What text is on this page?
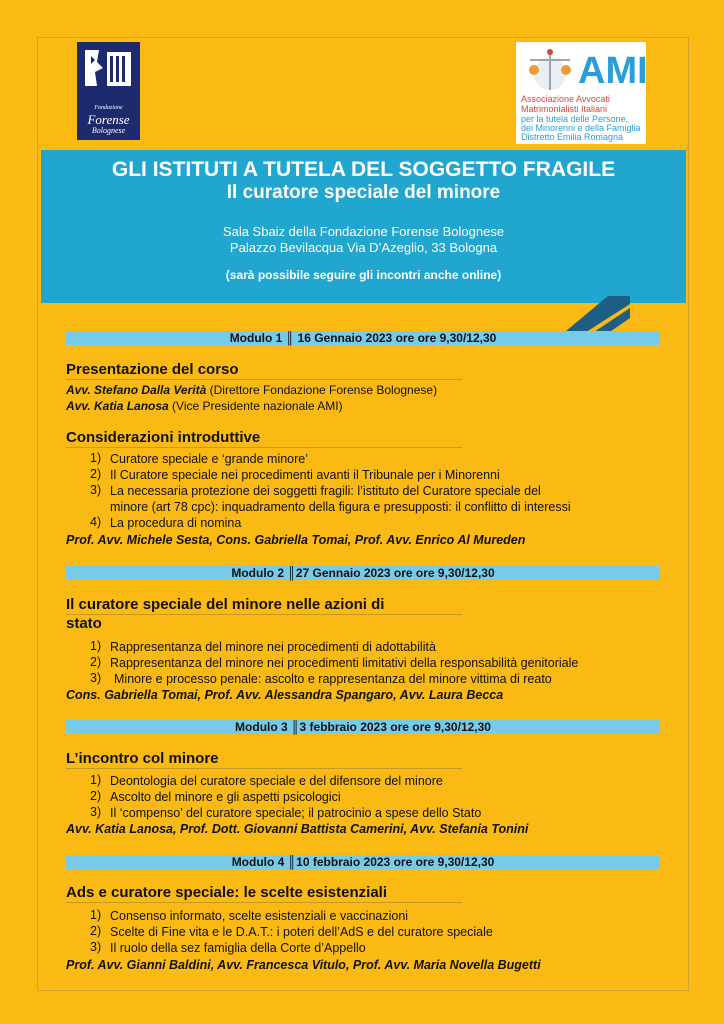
Fondazione
Forense
Bolognese
AMI
Associazione Avvocati
Matrimonialisti Italiani
per la tutela delle Persone,
dei Minorenni e della Famiglia
Distretto Emilia Romagna
GLI ISTITUTI A TUTELA DEL SOGGETTO FRAGILE
Il curatore speciale del minore
Sala Sbaiz della Fondazione Forense Bolognese
Palazzo Bevilacqua Via D’Azeglio, 33 Bologna
(sarà possibile seguire gli incontri anche online)
Modulo 1 ║ 16 Gennaio 2023 ore ore 9,30/12,30
Presentazione del corso
Avv. Stefano Dalla Verità (Direttore Fondazione Forense Bolognese)
Avv. Katia Lanosa (Vice Presidente nazionale AMI)
Considerazioni introduttive
1) Curatore speciale e ‘grande minore’
2) Il Curatore speciale nei procedimenti avanti il Tribunale per i Minorenni
3) La necessaria protezione dei soggetti fragili: l’istituto del Curatore speciale del
minore (art 78 cpc): inquadramento della figura e presupposti: il conflitto di interessi
4) La procedura di nomina
Prof. Avv. Michele Sesta, Cons. Gabriella Tomai, Prof. Avv. Enrico Al Mureden
Modulo 2 ║27 Gennaio 2023 ore ore 9,30/12,30
Il curatore speciale del minore nelle azioni di
stato
1) Rappresentanza del minore nei procedimenti di adottabilità
2) Rappresentanza del minore nei procedimenti limitativi della responsabilità genitoriale
3) Minore e processo penale: ascolto e rappresentanza del minore vittima di reato
Cons. Gabriella Tomai, Prof. Avv. Alessandra Spangaro, Avv. Laura Becca
Modulo 3 ║3 febbraio 2023 ore ore 9,30/12,30
L’incontro col minore
1) Deontologia del curatore speciale e del difensore del minore
2) Ascolto del minore e gli aspetti psicologici
3) Il ‘compenso’ del curatore speciale; il patrocinio a spese dello Stato
Avv. Katia Lanosa, Prof. Dott. Giovanni Battista Camerini, Avv. Stefania Tonini
Modulo 4 ║10 febbraio 2023 ore ore 9,30/12,30
Ads e curatore speciale: le scelte esistenziali
1) Consenso informato, scelte esistenziali e vaccinazioni
2) Scelte di Fine vita e le D.A.T.: i poteri dell’AdS e del curatore speciale
3) Il ruolo della sez famiglia della Corte d’Appello
Prof. Avv. Gianni Baldini, Avv. Francesca Vitulo, Prof. Avv. Maria Novella Bugetti
